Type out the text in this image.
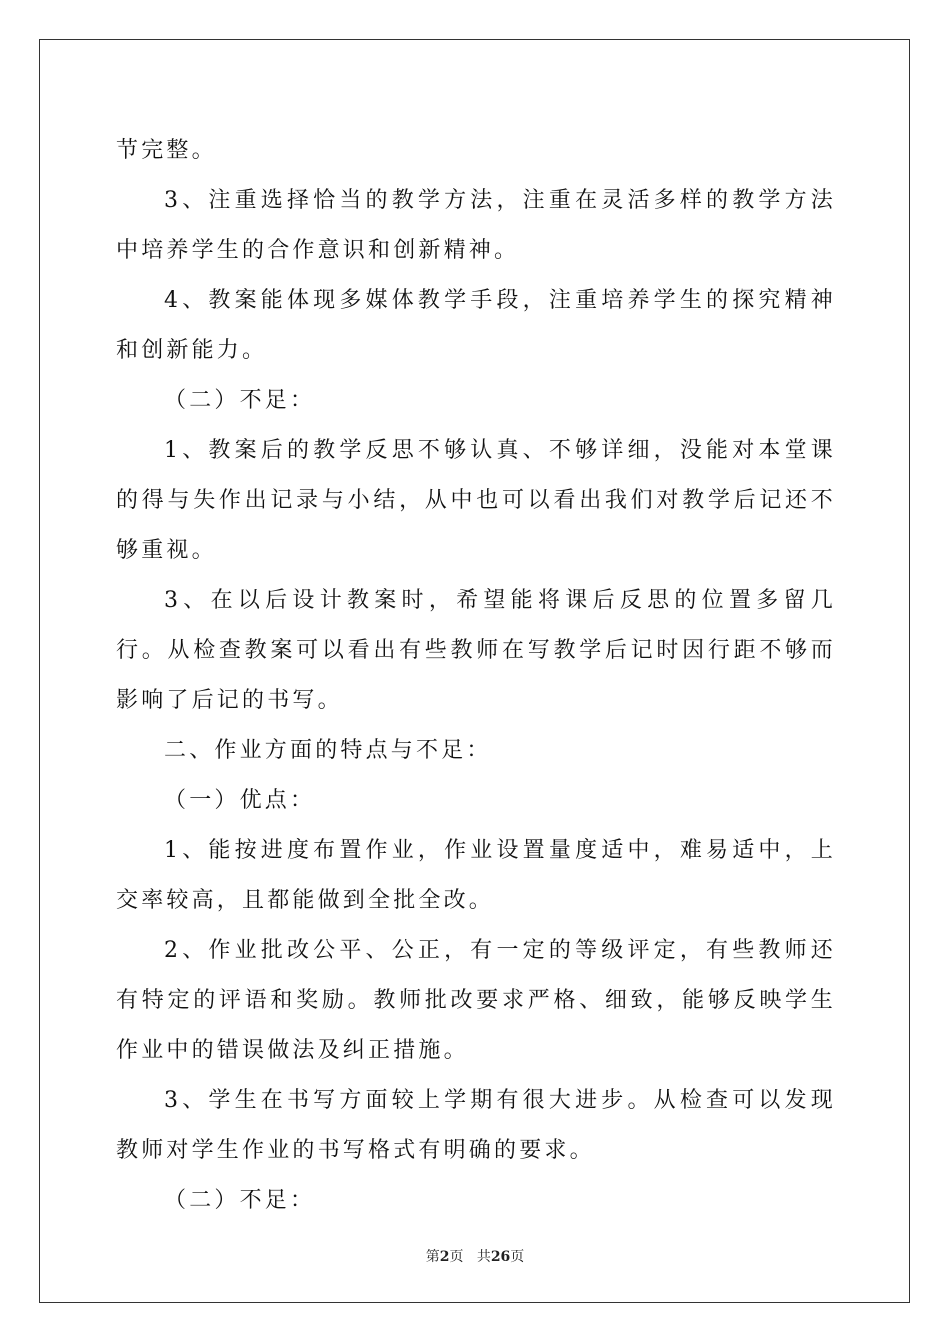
节完整。

3、注重选择恰当的教学方法，注重在灵活多样的教学方法中培养学生的合作意识和创新精神。

4、教案能体现多媒体教学手段，注重培养学生的探究精神和创新能力。

（二）不足：

1、教案后的教学反思不够认真、不够详细，没能对本堂课的得与失作出记录与小结，从中也可以看出我们对教学后记还不够重视。

3、在以后设计教案时，希望能将课后反思的位置多留几行。从检查教案可以看出有些教师在写教学后记时因行距不够而影响了后记的书写。

二、作业方面的特点与不足：

（一）优点：

1、能按进度布置作业，作业设置量度适中，难易适中，上交率较高，且都能做到全批全改。

2、作业批改公平、公正，有一定的等级评定，有些教师还有特定的评语和奖励。教师批改要求严格、细致，能够反映学生作业中的错误做法及纠正措施。

3、学生在书写方面较上学期有很大进步。从检查可以发现教师对学生作业的书写格式有明确的要求。

（二）不足：

第2页 共26页
